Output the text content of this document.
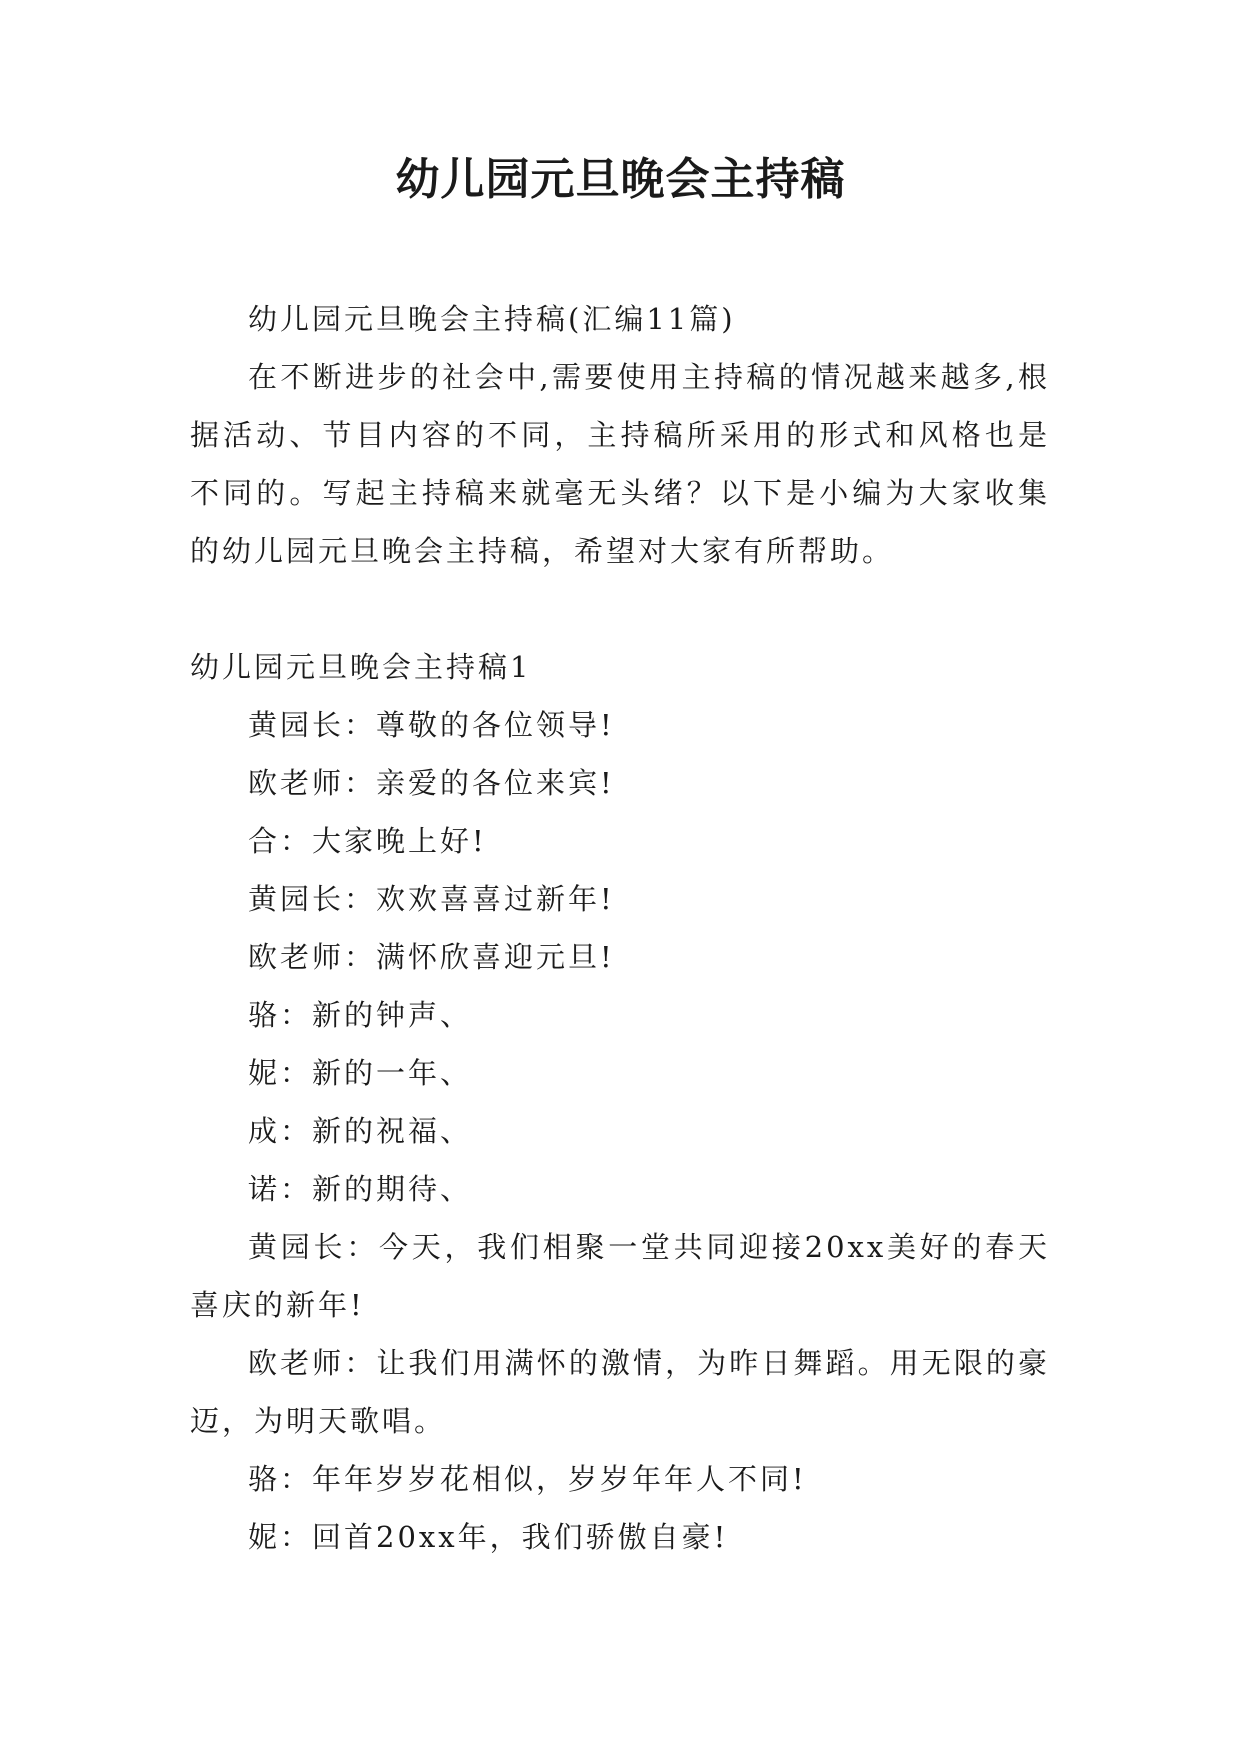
幼儿园元旦晚会主持稿

幼儿园元旦晚会主持稿(汇编11篇)

在不断进步的社会中,需要使用主持稿的情况越来越多,根据活动、节目内容的不同，主持稿所采用的形式和风格也是不同的。写起主持稿来就毫无头绪？以下是小编为大家收集的幼儿园元旦晚会主持稿，希望对大家有所帮助。

幼儿园元旦晚会主持稿1

黄园长：尊敬的各位领导!

欧老师：亲爱的各位来宾!

合：大家晚上好!

黄园长：欢欢喜喜过新年!

欧老师：满怀欣喜迎元旦!

骆：新的钟声、

妮：新的一年、

成：新的祝福、

诺：新的期待、

黄园长：今天，我们相聚一堂共同迎接20xx美好的春天喜庆的新年!

欧老师：让我们用满怀的激情，为昨日舞蹈。用无限的豪迈，为明天歌唱。

骆：年年岁岁花相似，岁岁年年人不同!

妮：回首20xx年，我们骄傲自豪!
